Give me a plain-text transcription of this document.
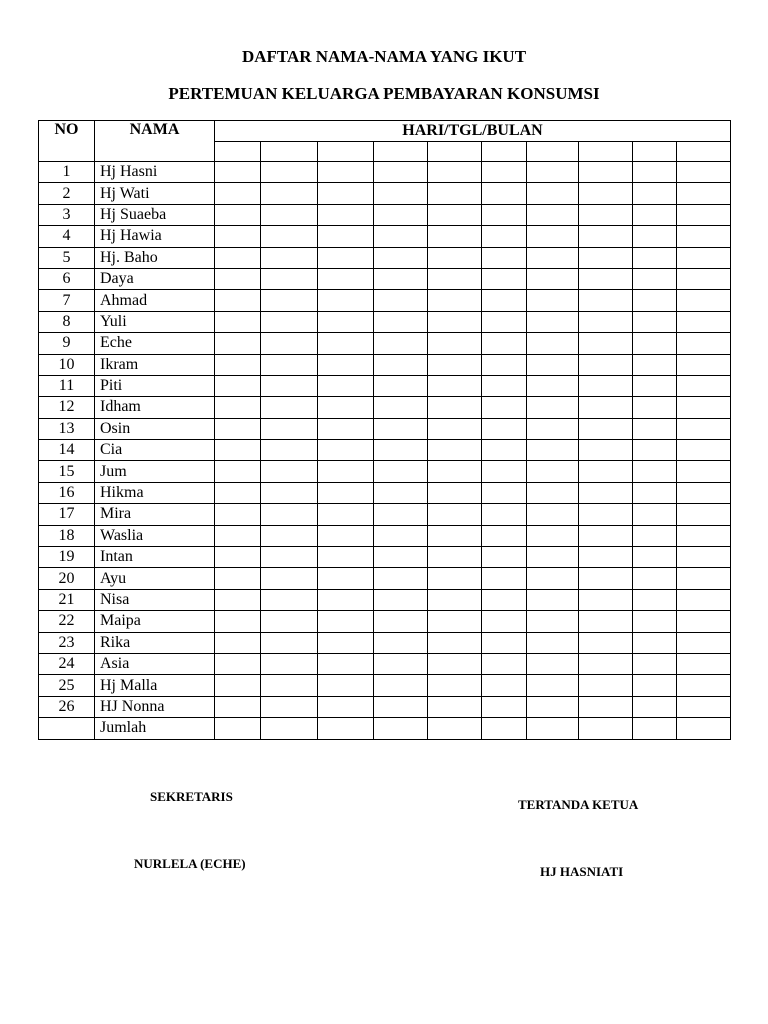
DAFTAR NAMA-NAMA YANG IKUT
PERTEMUAN KELUARGA PEMBAYARAN KONSUMSI
NO	NAMA	HARI/TGL/BULAN									

1	Hj Hasni										
2	Hj Wati										
3	Hj Suaeba										
4	Hj Hawia										
5	Hj. Baho										
6	Daya										
7	Ahmad										
8	Yuli										
9	Eche										
10	Ikram										
11	Piti										
12	Idham										
13	Osin										
14	Cia										
15	Jum										
16	Hikma										
17	Mira										
18	Waslia										
19	Intan										
20	Ayu										
21	Nisa										
22	Maipa										
23	Rika										
24	Asia										
25	Hj Malla										
26	HJ Nonna										
	Jumlah										
SEKRETARIS
NURLELA (ECHE)
TERTANDA KETUA
HJ HASNIATI
